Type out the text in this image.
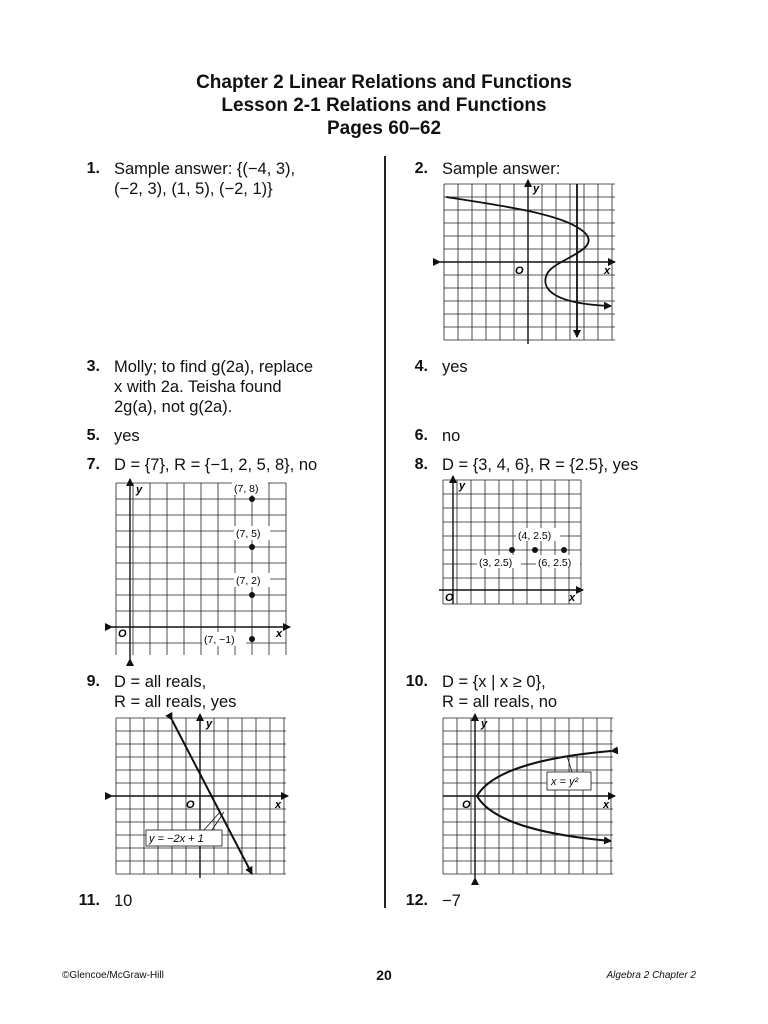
Chapter 2 Linear Relations and Functions
Lesson 2-1 Relations and Functions
Pages 60–62
1. Sample answer: {(−4, 3),
(−2, 3), (1, 5), (−2, 1)}
2. Sample answer:
3. Molly; to find g(2a), replace
x with 2a. Teisha found
2g(a), not g(2a).
4. yes
5. yes	6. no
7. D = {7}, R = {−1, 2, 5, 8}, no	8. D = {3, 4, 6}, R = {2.5}, yes
9. D = all reals,
R = all reals, yes
10. D = {x | x ≥ 0},
R = all reals, no
11. 10	12. −7
y
x
O
(7, 8)
(7, 5)
(7, 2)
(7, −1)
y
x
O
(4, 2.5)
(3, 2.5) (6, 2.5)
y
x
O
y = −2x + 1
y
x
O
x = y²
y
x
O
©Glencoe/McGraw-Hill	20	Algebra 2 Chapter 2
